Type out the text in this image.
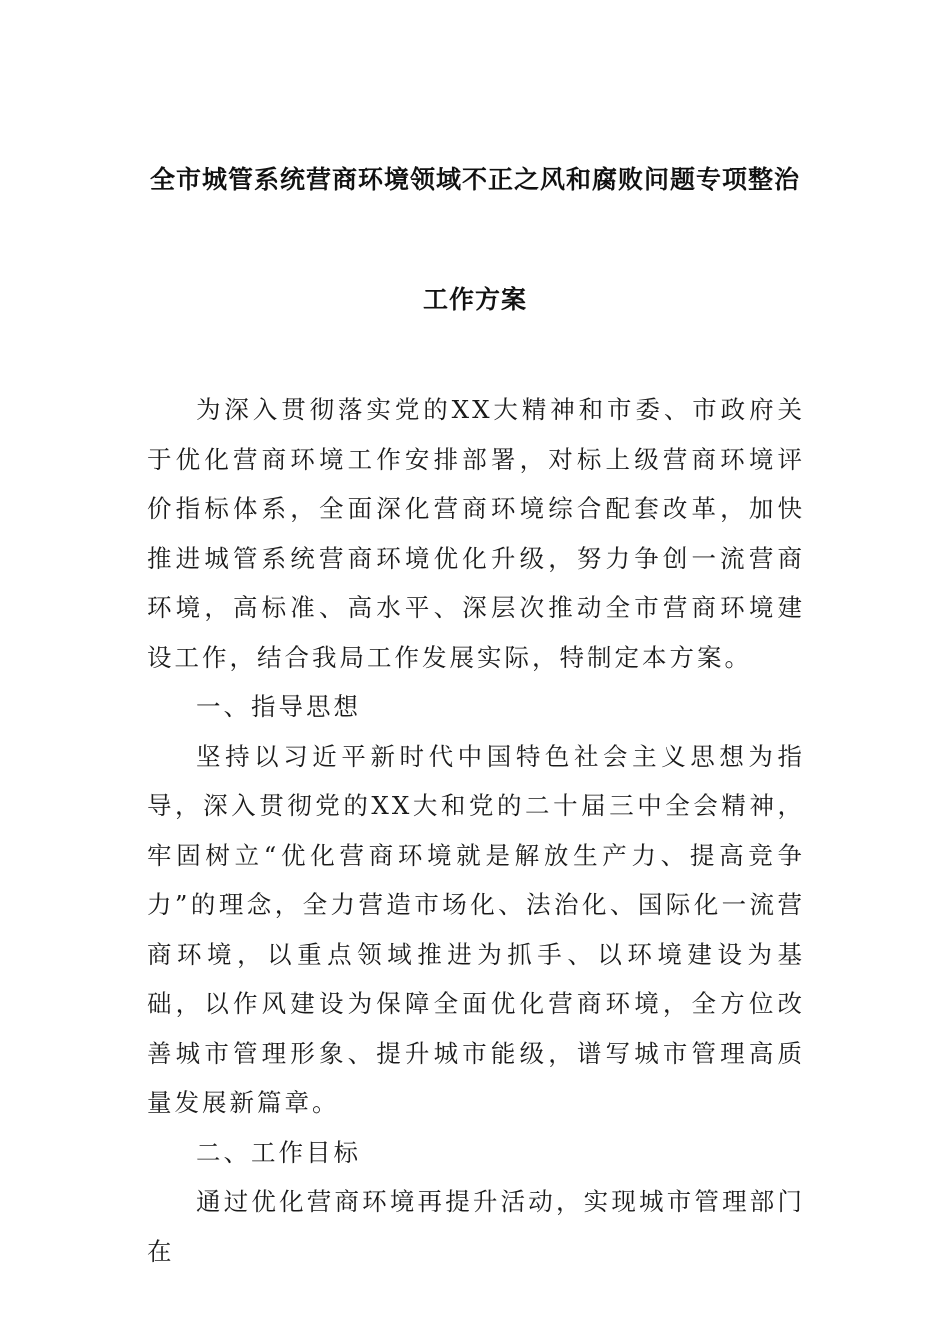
全市城管系统营商环境领域不正之风和腐败问题专项整治
工作方案

为深入贯彻落实党的XX大精神和市委、市政府关于优化营商环境工作安排部署，对标上级营商环境评价指标体系，全面深化营商环境综合配套改革，加快推进城管系统营商环境优化升级，努力争创一流营商环境，高标准、高水平、深层次推动全市营商环境建设工作，结合我局工作发展实际，特制定本方案。

一、指导思想

坚持以习近平新时代中国特色社会主义思想为指导，深入贯彻党的XX大和党的二十届三中全会精神，牢固树立“优化营商环境就是解放生产力、提高竞争力”的理念，全力营造市场化、法治化、国际化一流营商环境，以重点领域推进为抓手、以环境建设为基础，以作风建设为保障全面优化营商环境，全方位改善城市管理形象、提升城市能级，谱写城市管理高质量发展新篇章。

二、工作目标

通过优化营商环境再提升活动，实现城市管理部门在
